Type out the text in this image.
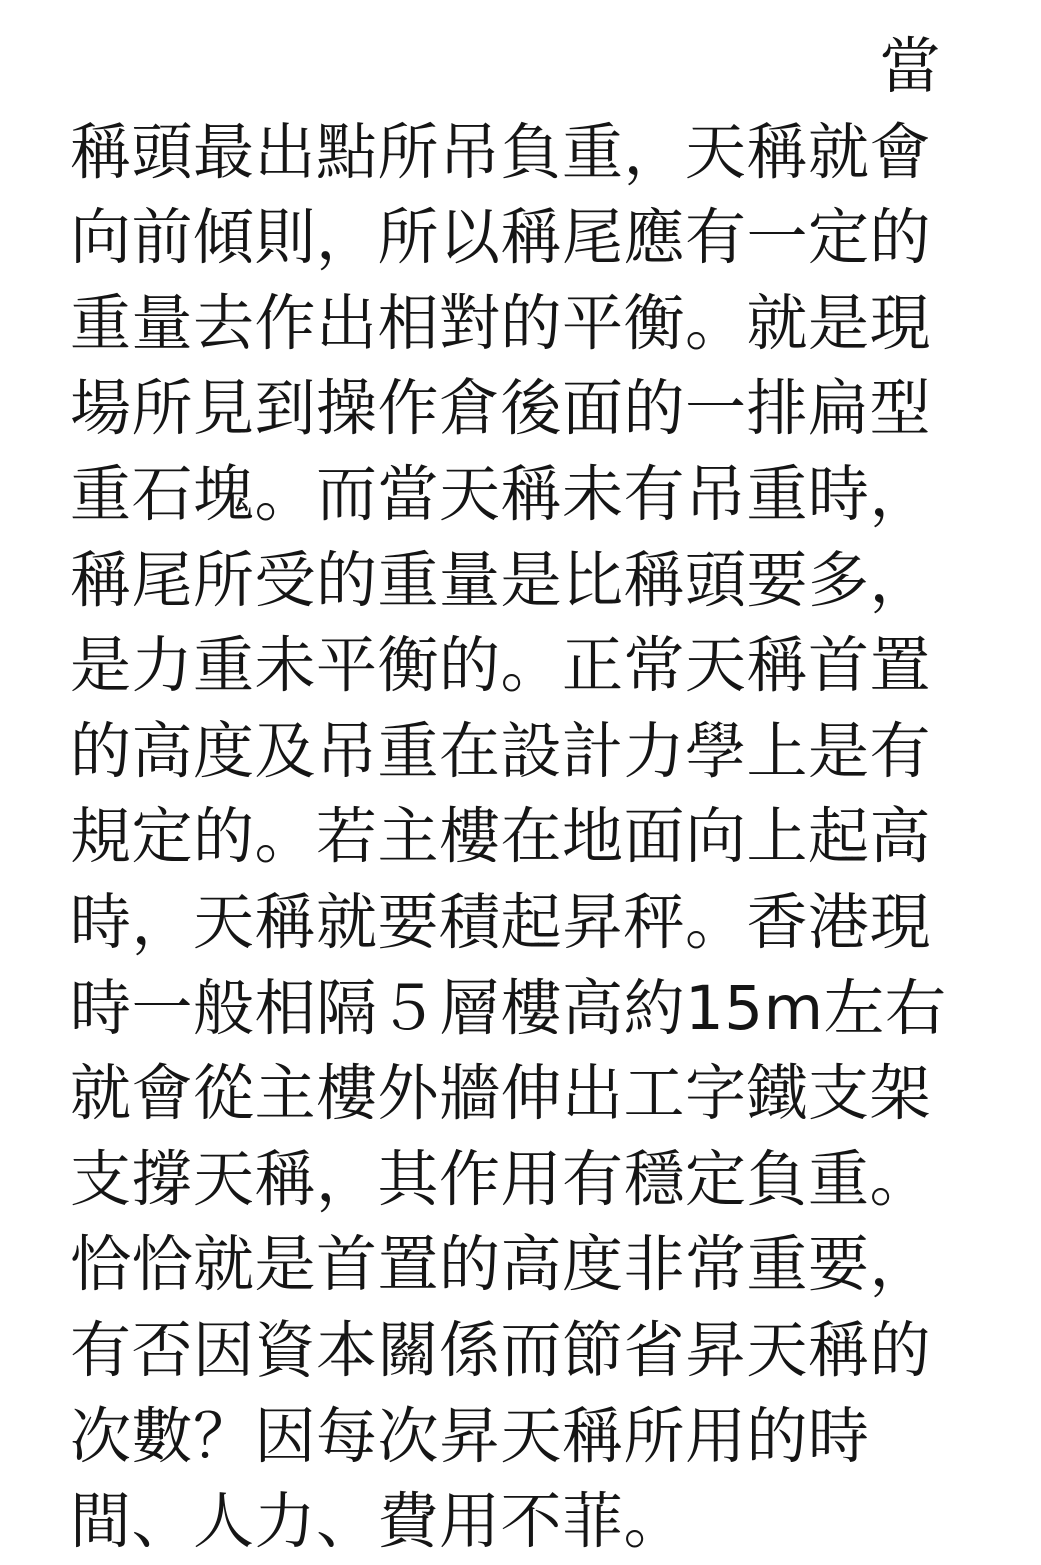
當
稱頭最出點所吊負重，天稱就會
向前傾則，所以稱尾應有一定的
重量去作出相對的平衡。就是現
場所見到操作倉後面的一排扁型
重石塊。而當天稱未有吊重時，
稱尾所受的重量是比稱頭要多，
是力重未平衡的。正常天稱首置
的高度及吊重在設計力學上是有
規定的。若主樓在地面向上起高
時，天稱就要積起昇秤。香港現
時一般相隔５層樓高約15m左右
就會從主樓外牆伸出工字鐵支架
支撐天稱，其作用有穩定負重。
恰恰就是首置的高度非常重要，
有否因資本關係而節省昇天稱的
次數？因每次昇天稱所用的時
間、人力、費用不菲。
